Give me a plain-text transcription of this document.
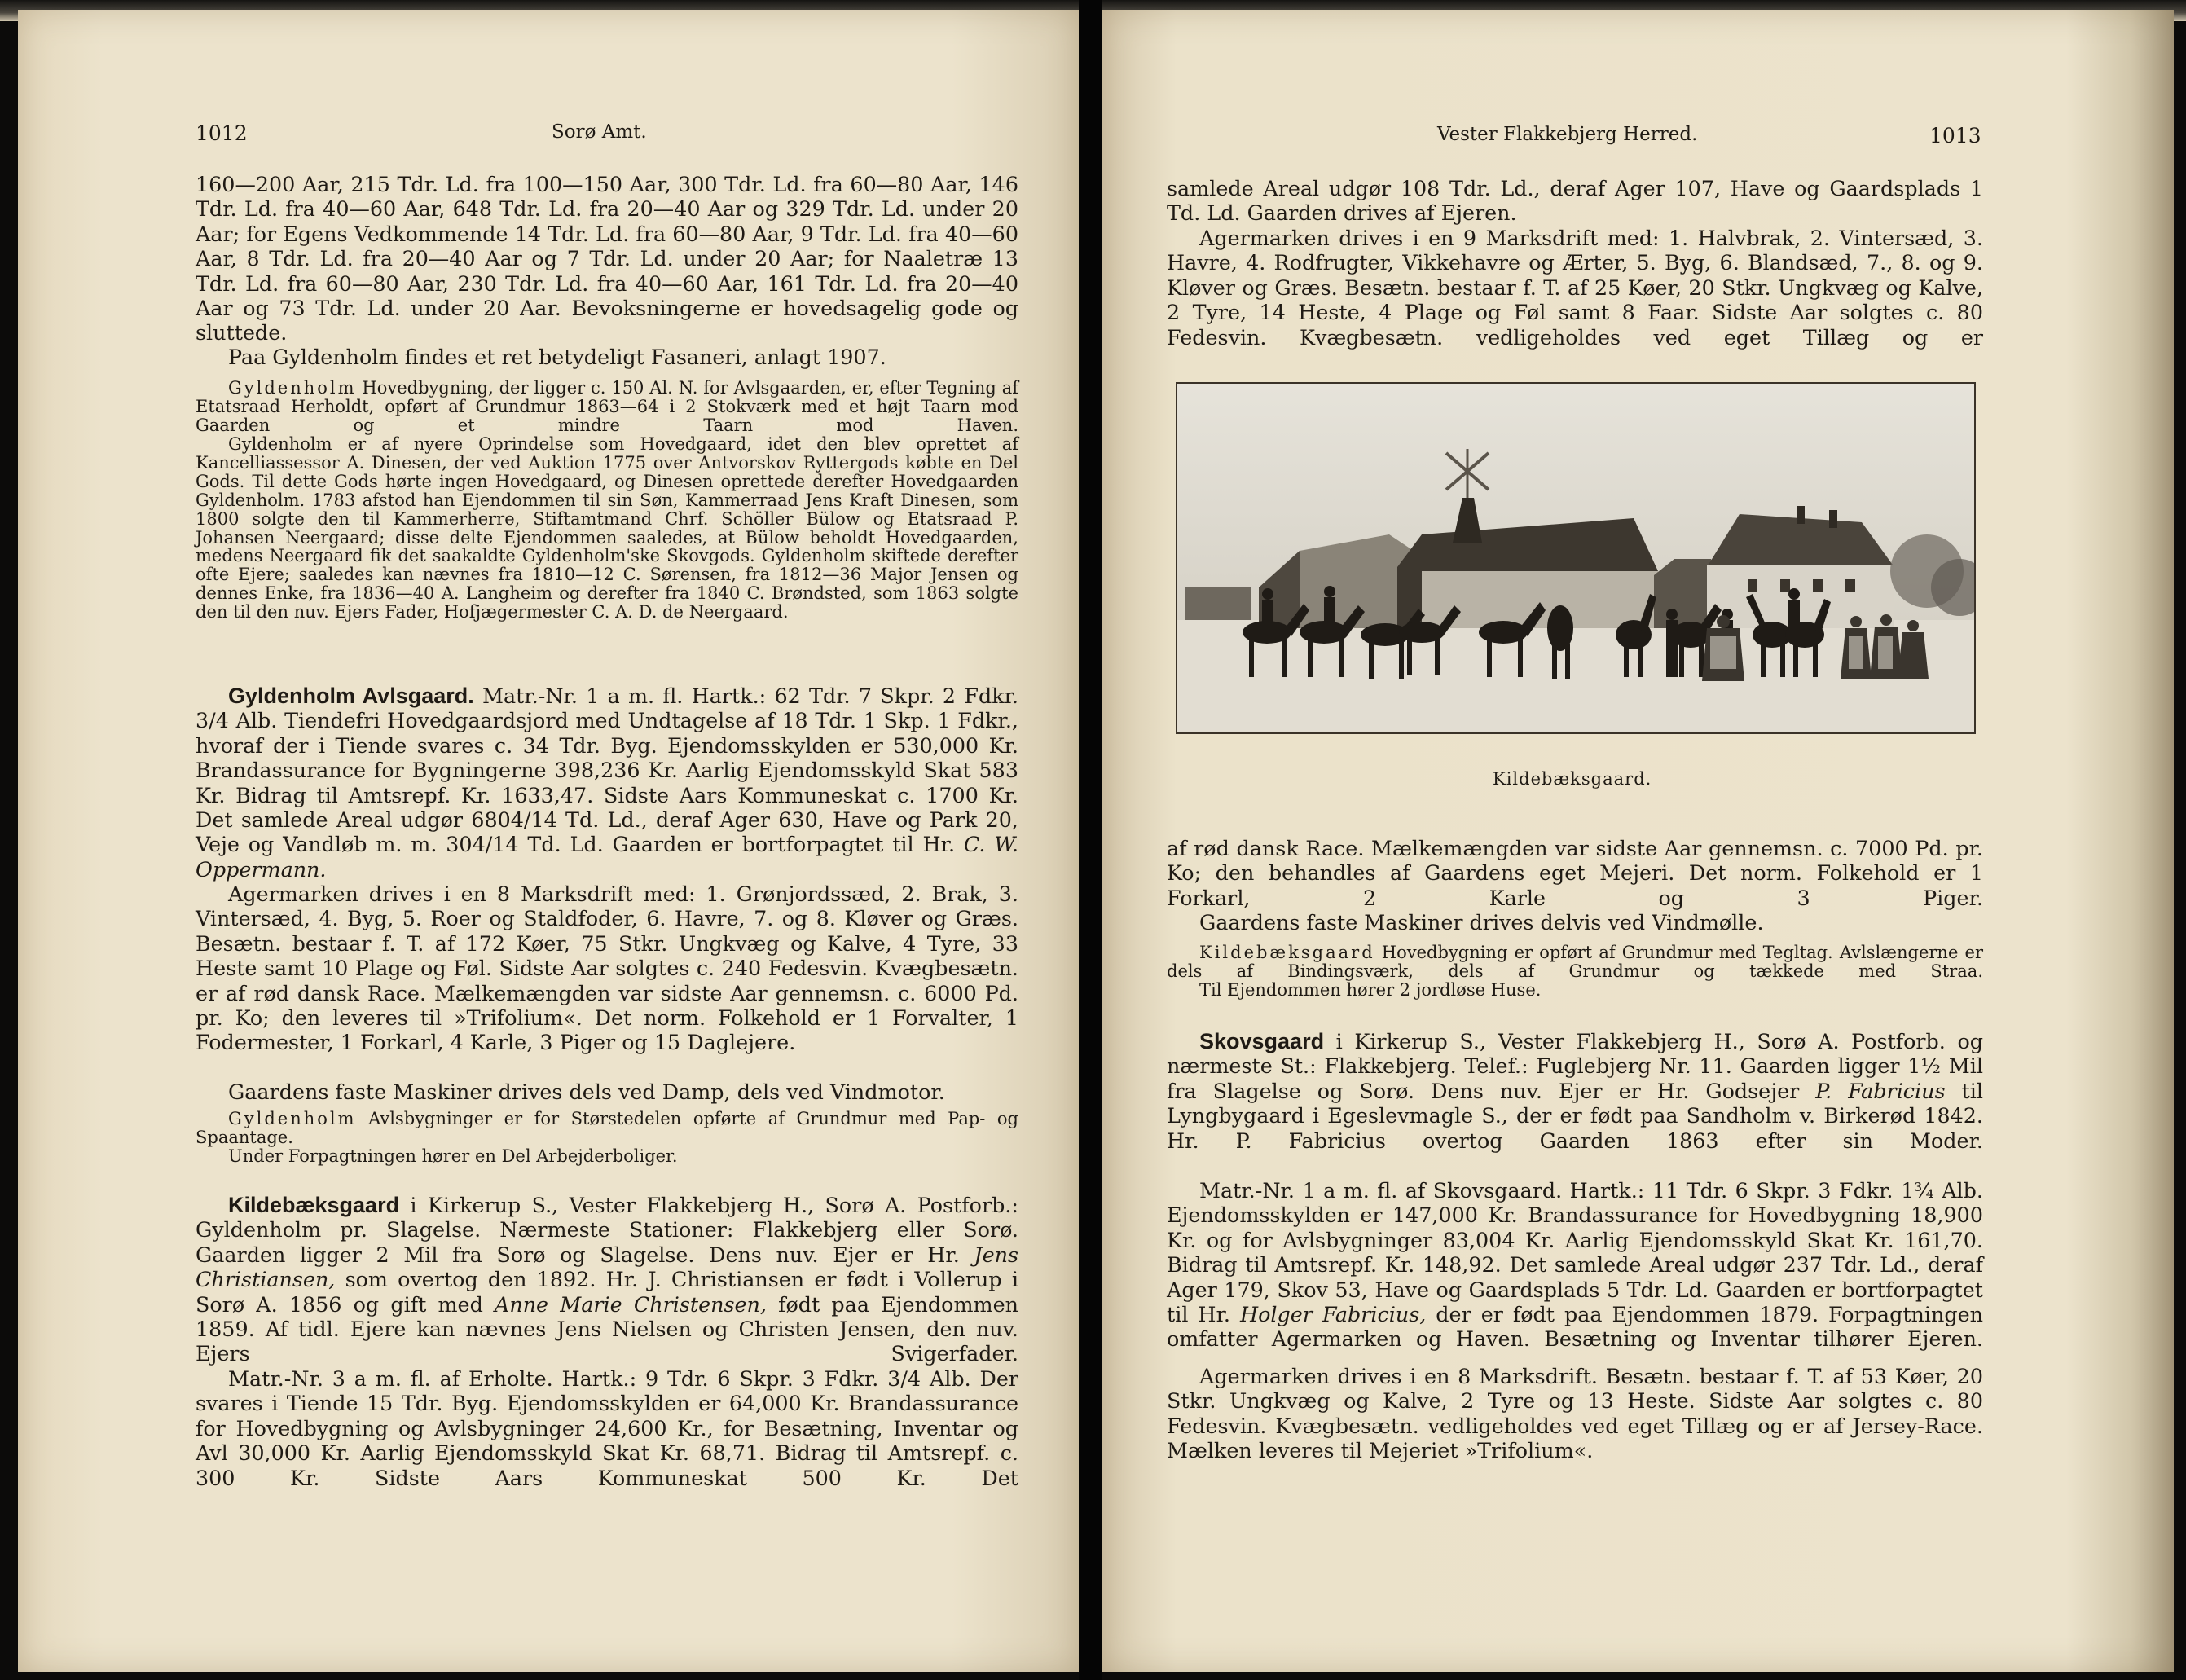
1012	Sorø Amt.
160—200 Aar, 215 Tdr. Ld. fra 100—150 Aar, 300 Tdr. Ld. fra 60—80 Aar, 146 Tdr. Ld. fra 40—60 Aar, 648 Tdr. Ld. fra 20—40 Aar og 329 Tdr. Ld. under 20 Aar; for Egens Vedkommende 14 Tdr. Ld. fra 60—80 Aar, 9 Tdr. Ld. fra 40—60 Aar, 8 Tdr. Ld. fra 20—40 Aar og 7 Tdr. Ld. under 20 Aar; for Naaletræ 13 Tdr. Ld. fra 60—80 Aar, 230 Tdr. Ld. fra 40—60 Aar, 161 Tdr. Ld. fra 20—40 Aar og 73 Tdr. Ld. under 20 Aar. Bevoksningerne er hovedsagelig gode og sluttede.
Paa Gyldenholm findes et ret betydeligt Fasaneri, anlagt 1907.
Gyldenholm Hovedbygning, der ligger c. 150 Al. N. for Avlsgaarden, er, efter Tegning af Etatsraad Herholdt, opført af Grundmur 1863—64 i 2 Stokværk med et højt Taarn mod Gaarden og et mindre Taarn mod Haven.
Gyldenholm er af nyere Oprindelse som Hovedgaard, idet den blev oprettet af Kancelliassessor A. Dinesen, der ved Auktion 1775 over Antvorskov Ryttergods købte en Del Gods. Til dette Gods hørte ingen Hovedgaard, og Dinesen oprettede derefter Hovedgaarden Gyldenholm. 1783 afstod han Ejendommen til sin Søn, Kammerraad Jens Kraft Dinesen, som 1800 solgte den til Kammerherre, Stiftamtmand Chrf. Schöller Bülow og Etatsraad P. Johansen Neergaard; disse delte Ejendommen saaledes, at Bülow beholdt Hovedgaarden, medens Neergaard fik det saakaldte Gyldenholm'ske Skovgods. Gyldenholm skiftede derefter ofte Ejere; saaledes kan nævnes fra 1810—12 C. Sørensen, fra 1812—36 Major Jensen og dennes Enke, fra 1836—40 A. Langheim og derefter fra 1840 C. Brøndsted, som 1863 solgte den til den nuv. Ejers Fader, Hofjægermester C. A. D. de Neergaard.
Gyldenholm Avlsgaard. Matr.-Nr. 1 a m. fl. Hartk.: 62 Tdr. 7 Skpr. 2 Fdkr. 3/4 Alb. Tiendefri Hovedgaardsjord med Undtagelse af 18 Tdr. 1 Skp. 1 Fdkr., hvoraf der i Tiende svares c. 34 Tdr. Byg. Ejendomsskylden er 530,000 Kr. Brandassurance for Bygningerne 398,236 Kr. Aarlig Ejendomsskyld Skat 583 Kr. Bidrag til Amtsrepf. Kr. 1633,47. Sidste Aars Kommuneskat c. 1700 Kr. Det samlede Areal udgør 6804/14 Td. Ld., deraf Ager 630, Have og Park 20, Veje og Vandløb m. m. 304/14 Td. Ld. Gaarden er bortforpagtet til Hr. C. W. Oppermann.
Agermarken drives i en 8 Marksdrift med: 1. Grønjordssæd, 2. Brak, 3. Vintersæd, 4. Byg, 5. Roer og Staldfoder, 6. Havre, 7. og 8. Kløver og Græs. Besætn. bestaar f. T. af 172 Køer, 75 Stkr. Ungkvæg og Kalve, 4 Tyre, 33 Heste samt 10 Plage og Føl. Sidste Aar solgtes c. 240 Fedesvin. Kvægbesætn. er af rød dansk Race. Mælkemængden var sidste Aar gennemsn. c. 6000 Pd. pr. Ko; den leveres til »Trifolium«. Det norm. Folkehold er 1 Forvalter, 1 Fodermester, 1 Forkarl, 4 Karle, 3 Piger og 15 Daglejere.
Gaardens faste Maskiner drives dels ved Damp, dels ved Vindmotor.
Gyldenholm Avlsbygninger er for Størstedelen opførte af Grundmur med Pap- og Spaantage.
Under Forpagtningen hører en Del Arbejderboliger.
Kildebæksgaard i Kirkerup S., Vester Flakkebjerg H., Sorø A. Postforb.: Gyldenholm pr. Slagelse. Nærmeste Stationer: Flakkebjerg eller Sorø. Gaarden ligger 2 Mil fra Sorø og Slagelse. Dens nuv. Ejer er Hr. Jens Christiansen, som overtog den 1892. Hr. J. Christiansen er født i Vollerup i Sorø A. 1856 og gift med Anne Marie Christensen, født paa Ejendommen 1859. Af tidl. Ejere kan nævnes Jens Nielsen og Christen Jensen, den nuv. Ejers Svigerfader.
Matr.-Nr. 3 a m. fl. af Erholte. Hartk.: 9 Tdr. 6 Skpr. 3 Fdkr. 3/4 Alb. Der svares i Tiende 15 Tdr. Byg. Ejendomsskylden er 64,000 Kr. Brandassurance for Hovedbygning og Avlsbygninger 24,600 Kr., for Besætning, Inventar og Avl 30,000 Kr. Aarlig Ejendomsskyld Skat Kr. 68,71. Bidrag til Amtsrepf. c. 300 Kr. Sidste Aars Kommuneskat 500 Kr. Det
Vester Flakkebjerg Herred.	1013
samlede Areal udgør 108 Tdr. Ld., deraf Ager 107, Have og Gaardsplads 1 Td. Ld. Gaarden drives af Ejeren.
Agermarken drives i en 9 Marksdrift med: 1. Halvbrak, 2. Vintersæd, 3. Havre, 4. Rodfrugter, Vikkehavre og Ærter, 5. Byg, 6. Blandsæd, 7., 8. og 9. Kløver og Græs. Besætn. bestaar f. T. af 25 Køer, 20 Stkr. Ungkvæg og Kalve, 2 Tyre, 14 Heste, 4 Plage og Føl samt 8 Faar. Sidste Aar solgtes c. 80 Fedesvin. Kvægbesætn. vedligeholdes ved eget Tillæg og er
Kildebæksgaard.
af rød dansk Race. Mælkemængden var sidste Aar gennemsn. c. 7000 Pd. pr. Ko; den behandles af Gaardens eget Mejeri. Det norm. Folkehold er 1 Forkarl, 2 Karle og 3 Piger.
Gaardens faste Maskiner drives delvis ved Vindmølle.
Kildebæksgaard Hovedbygning er opført af Grundmur med Tegltag. Avlslængerne er dels af Bindingsværk, dels af Grundmur og tækkede med Straa.
Til Ejendommen hører 2 jordløse Huse.
Skovsgaard i Kirkerup S., Vester Flakkebjerg H., Sorø A. Postforb. og nærmeste St.: Flakkebjerg. Telef.: Fuglebjerg Nr. 11. Gaarden ligger 1½ Mil fra Slagelse og Sorø. Dens nuv. Ejer er Hr. Godsejer P. Fabricius til Lyngbygaard i Egeslevmagle S., der er født paa Sandholm v. Birkerød 1842. Hr. P. Fabricius overtog Gaarden 1863 efter sin Moder.
Matr.-Nr. 1 a m. fl. af Skovsgaard. Hartk.: 11 Tdr. 6 Skpr. 3 Fdkr. 1¾ Alb. Ejendomsskylden er 147,000 Kr. Brandassurance for Hovedbygning 18,900 Kr. og for Avlsbygninger 83,004 Kr. Aarlig Ejendomsskyld Skat Kr. 161,70. Bidrag til Amtsrepf. Kr. 148,92. Det samlede Areal udgør 237 Tdr. Ld., deraf Ager 179, Skov 53, Have og Gaardsplads 5 Tdr. Ld. Gaarden er bortforpagtet til Hr. Holger Fabricius, der er født paa Ejendommen 1879. Forpagtningen omfatter Agermarken og Haven. Besætning og Inventar tilhører Ejeren.
Agermarken drives i en 8 Marksdrift. Besætn. bestaar f. T. af 53 Køer, 20 Stkr. Ungkvæg og Kalve, 2 Tyre og 13 Heste. Sidste Aar solgtes c. 80 Fedesvin. Kvægbesætn. vedligeholdes ved eget Tillæg og er af Jersey-Race. Mælken leveres til Mejeriet »Trifolium«.
